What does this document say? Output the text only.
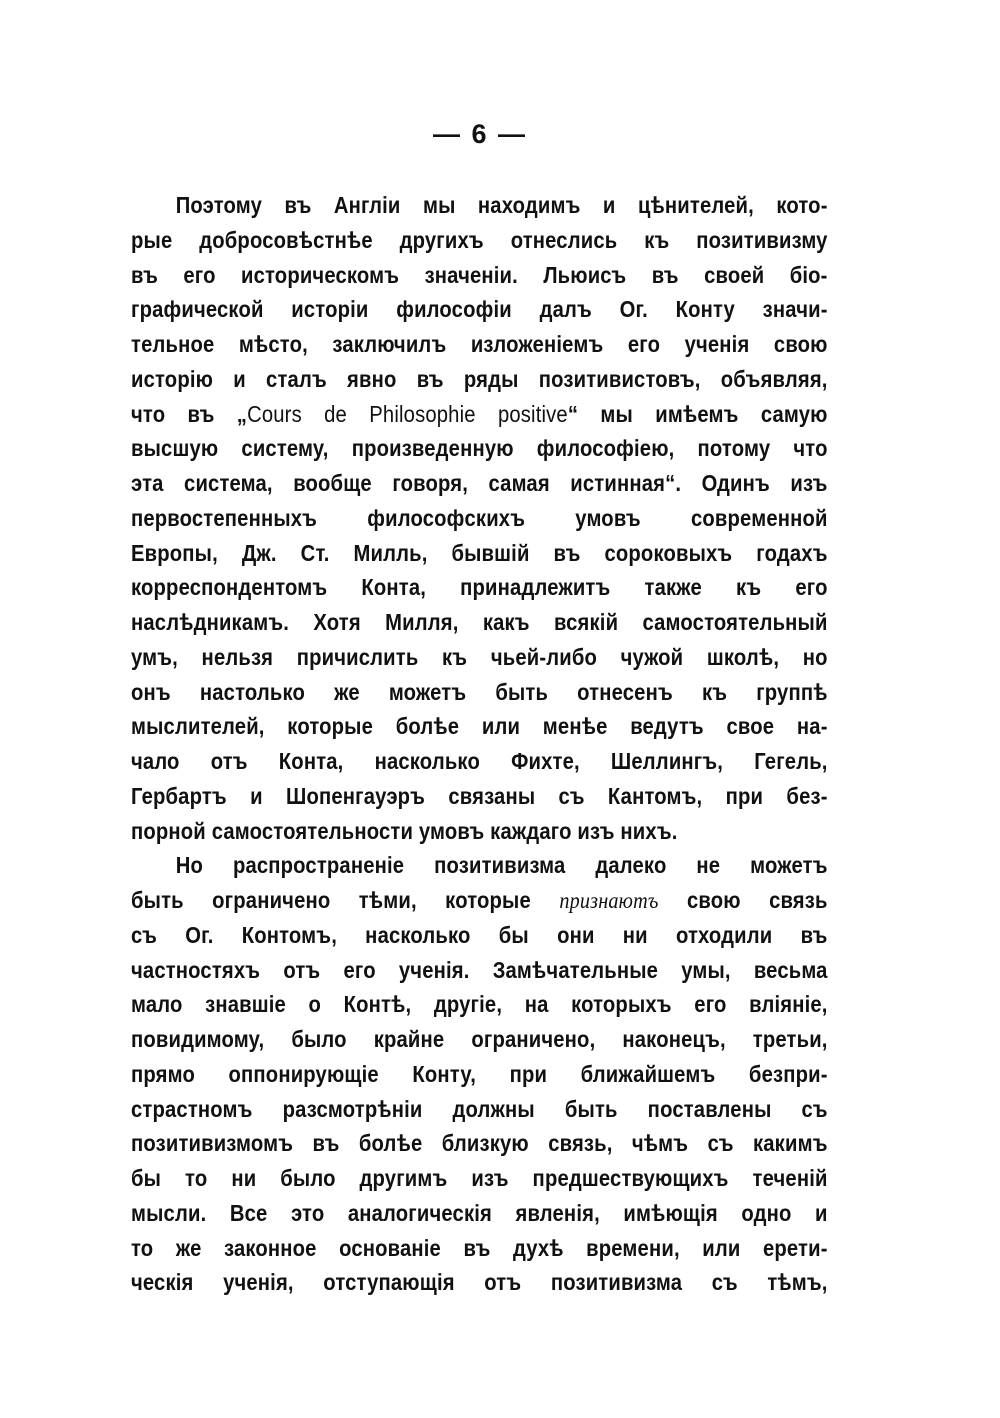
— 6 —
Поэтому въ Англіи мы находимъ и цѣнителей, кото-
рые добросовѣстнѣе другихъ отнеслись къ позитивизму
въ его историческомъ значеніи. Льюисъ въ своей біо-
графической исторіи философіи далъ Ог. Конту значи-
тельное мѣсто, заключилъ изложеніемъ его ученія свою
исторію и сталъ явно въ ряды позитивистовъ, объявляя,
что въ „Cours de Philosophie positive“ мы имѣемъ самую
высшую систему, произведенную философіею, потому что
эта система, вообще говоря, самая истинная“. Одинъ изъ
первостепенныхъ философскихъ умовъ современной
Европы, Дж. Ст. Милль, бывшій въ сороковыхъ годахъ
корреспондентомъ Конта, принадлежитъ также къ его
наслѣдникамъ. Хотя Милля, какъ всякій самостоятельный
умъ, нельзя причислить къ чьей-либо чужой школѣ, но
онъ настолько же можетъ быть отнесенъ къ группѣ
мыслителей, которые болѣе или менѣе ведутъ свое на-
чало отъ Конта, насколько Фихте, Шеллингъ, Гегель,
Гербартъ и Шопенгауэръ связаны съ Кантомъ, при без-
порной самостоятельности умовъ каждаго изъ нихъ.
Но распространеніе позитивизма далеко не можетъ
быть ограничено тѣми, которые признаютъ свою связь
съ Ог. Контомъ, насколько бы они ни отходили въ
частностяхъ отъ его ученія. Замѣчательные умы, весьма
мало знавшіе о Контѣ, другіе, на которыхъ его вліяніе,
повидимому, было крайне ограничено, наконецъ, третьи,
прямо оппонирующіе Конту, при ближайшемъ безпри-
страстномъ разсмотрѣніи должны быть поставлены съ
позитивизмомъ въ болѣе близкую связь, чѣмъ съ какимъ
бы то ни было другимъ изъ предшествующихъ теченій
мысли. Все это аналогическія явленія, имѣющія одно и
то же законное основаніе въ духѣ времени, или ерети-
ческія ученія, отступающія отъ позитивизма съ тѣмъ,
